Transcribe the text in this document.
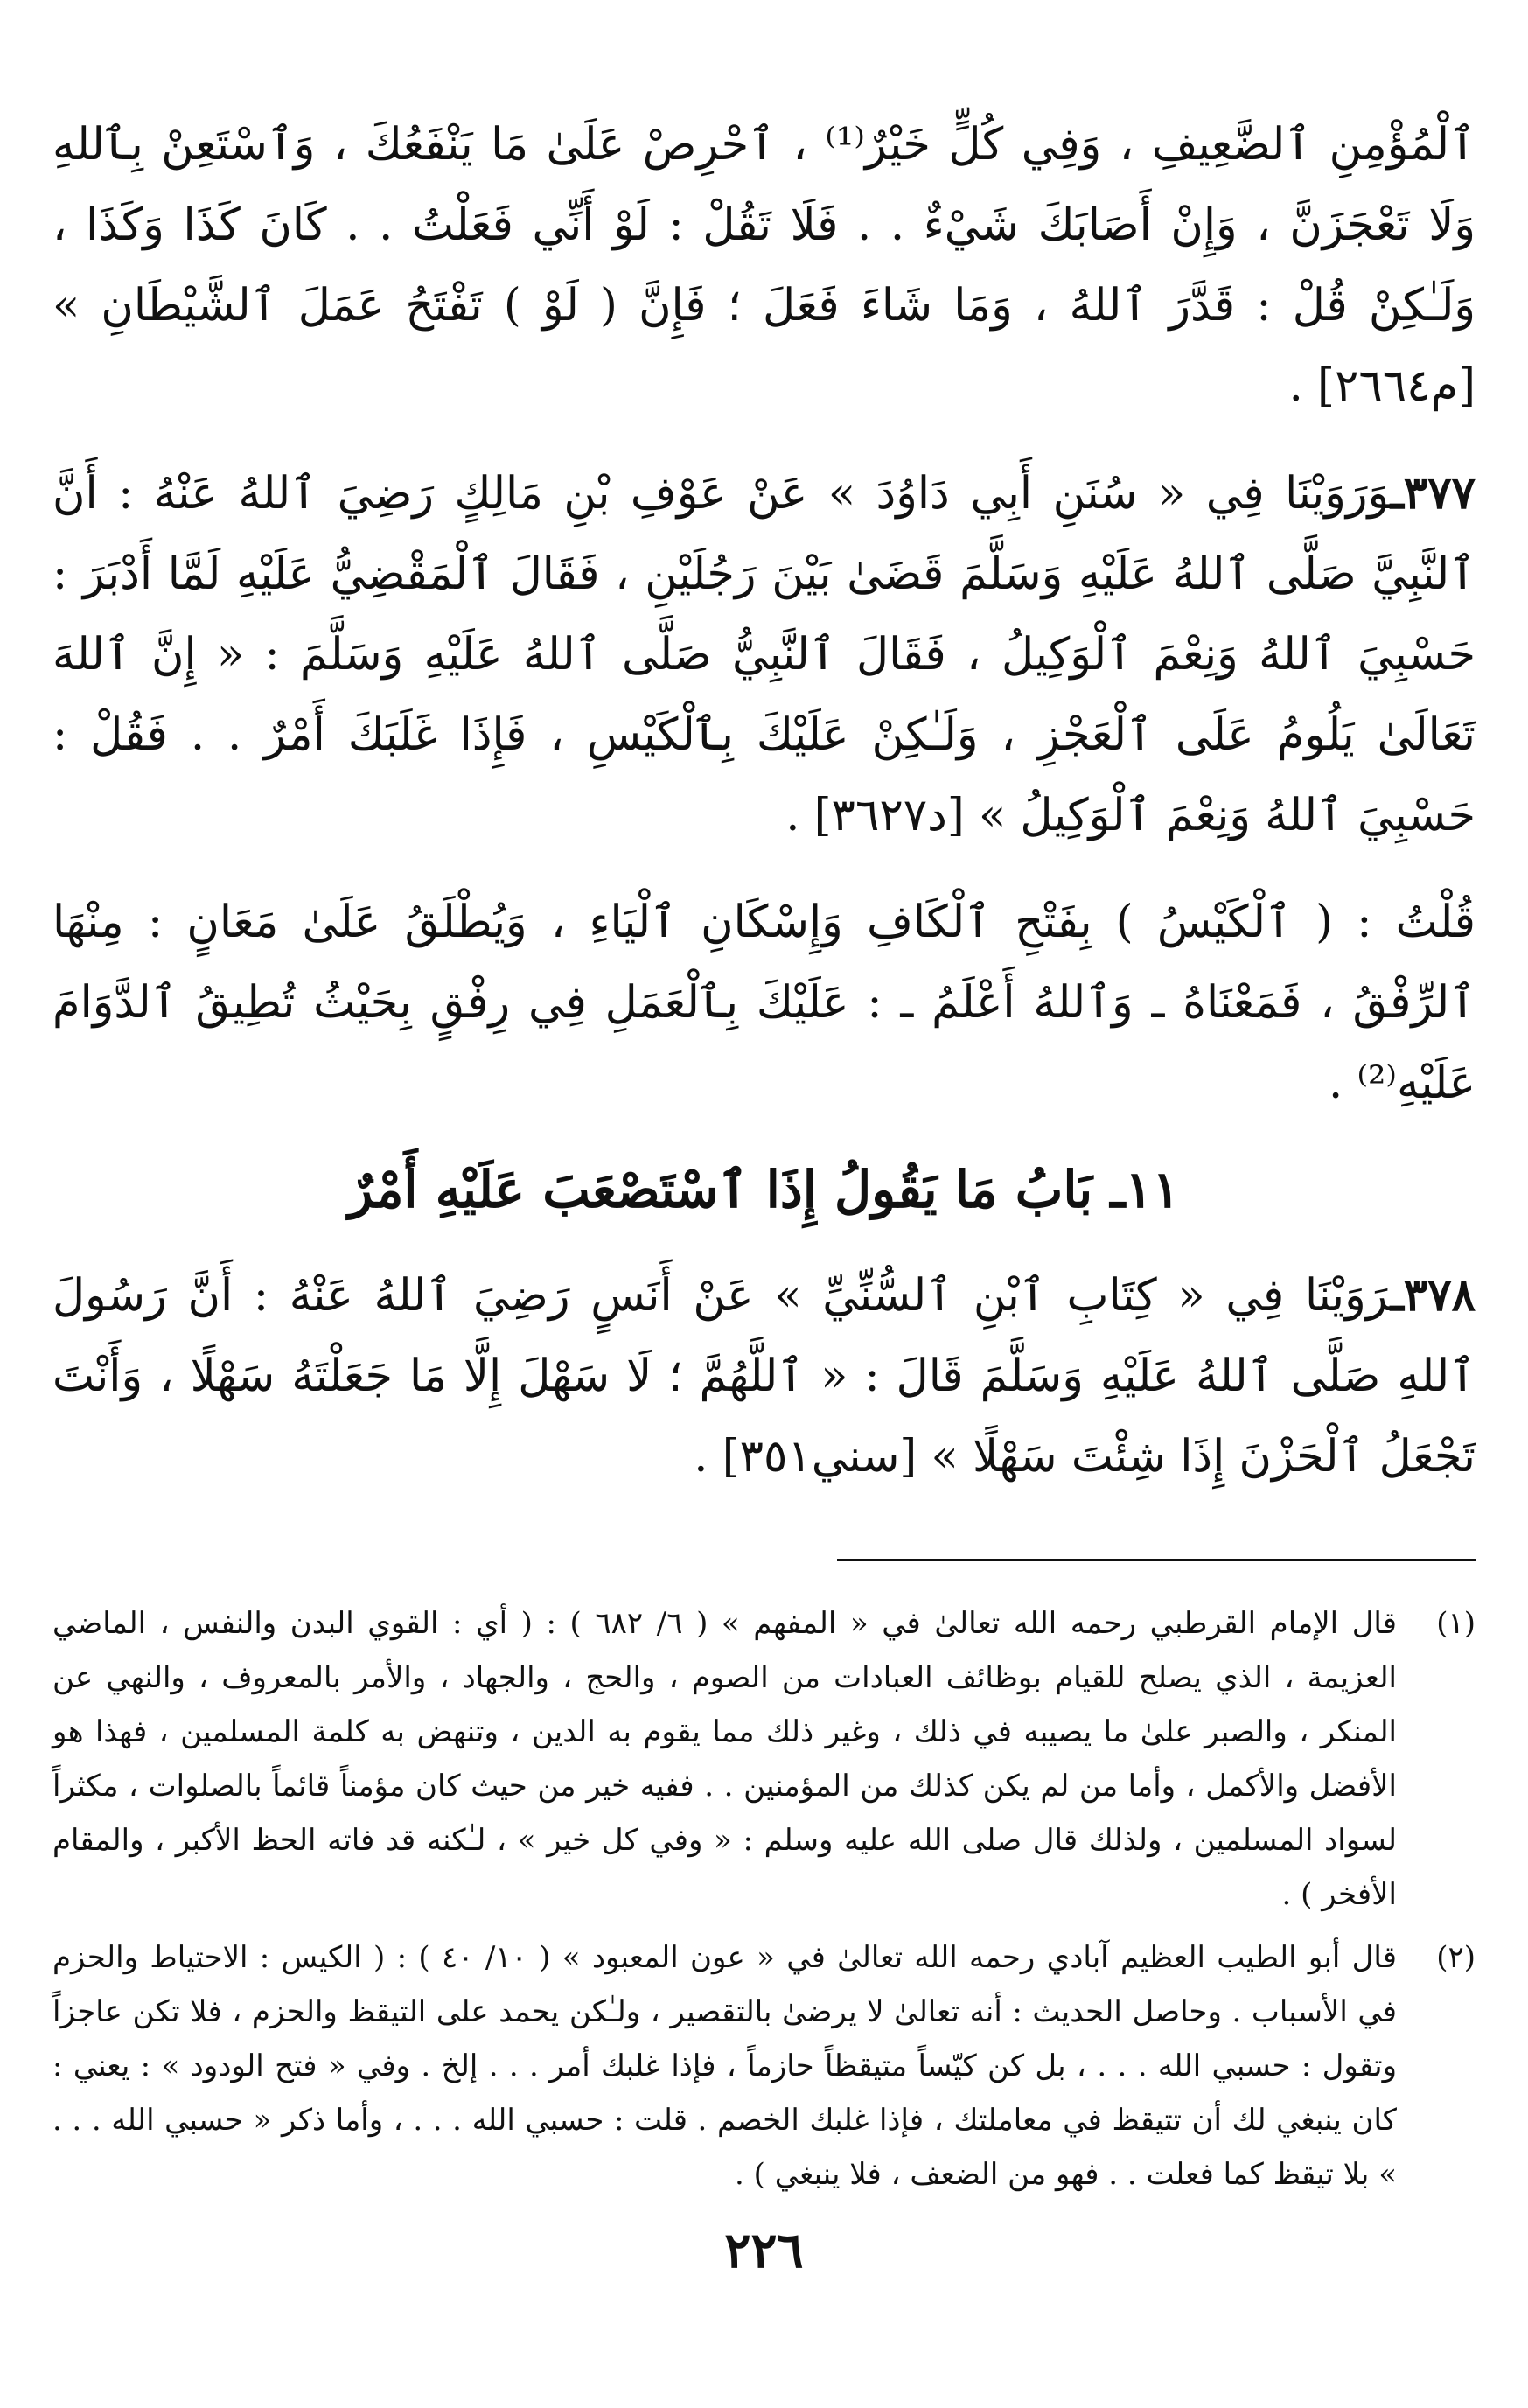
ٱلْمُؤْمِنِ ٱلضَّعِيفِ ، وَفِي كُلٍّ خَيْرٌ⁽¹⁾ ، ٱحْرِصْ عَلَىٰ مَا يَنْفَعُكَ ، وَٱسْتَعِنْ بِٱللهِ وَلَا تَعْجَزَنَّ ، وَإِنْ أَصَابَكَ شَيْءٌ . . فَلَا تَقُلْ : لَوْ أَنِّي فَعَلْتُ . . كَانَ كَذَا وَكَذَا ، وَلَـٰكِنْ قُلْ : قَدَّرَ ٱللهُ ، وَمَا شَاءَ فَعَلَ ؛ فَإِنَّ ( لَوْ ) تَفْتَحُ عَمَلَ ٱلشَّيْطَانِ » [م٢٦٦٤] .

٣٧٧ـوَرَوَيْنَا فِي « سُنَنِ أَبِي دَاوُدَ » عَنْ عَوْفِ بْنِ مَالِكٍ رَضِيَ ٱللهُ عَنْهُ : أَنَّ ٱلنَّبِيَّ صَلَّى ٱللهُ عَلَيْهِ وَسَلَّمَ قَضَىٰ بَيْنَ رَجُلَيْنِ ، فَقَالَ ٱلْمَقْضِيُّ عَلَيْهِ لَمَّا أَدْبَرَ : حَسْبِيَ ٱللهُ وَنِعْمَ ٱلْوَكِيلُ ، فَقَالَ ٱلنَّبِيُّ صَلَّى ٱللهُ عَلَيْهِ وَسَلَّمَ : « إِنَّ ٱللهَ تَعَالَىٰ يَلُومُ عَلَى ٱلْعَجْزِ ، وَلَـٰكِنْ عَلَيْكَ بِٱلْكَيْسِ ، فَإِذَا غَلَبَكَ أَمْرٌ . . فَقُلْ : حَسْبِيَ ٱللهُ وَنِعْمَ ٱلْوَكِيلُ » [د٣٦٢٧] .

قُلْتُ : ( ٱلْكَيْسُ ) بِفَتْحِ ٱلْكَافِ وَإِسْكَانِ ٱلْيَاءِ ، وَيُطْلَقُ عَلَىٰ مَعَانٍ : مِنْهَا ٱلرِّفْقُ ، فَمَعْنَاهُ ـ وَٱللهُ أَعْلَمُ ـ : عَلَيْكَ بِٱلْعَمَلِ فِي رِفْقٍ بِحَيْثُ تُطِيقُ ٱلدَّوَامَ عَلَيْهِ⁽²⁾ .

١١ـ بَابُ مَا يَقُولُ إِذَا ٱسْتَصْعَبَ عَلَيْهِ أَمْرٌ

٣٧٨ـرَوَيْنَا فِي « كِتَابِ ٱبْنِ ٱلسُّنِّيِّ » عَنْ أَنَسٍ رَضِيَ ٱللهُ عَنْهُ : أَنَّ رَسُولَ ٱللهِ صَلَّى ٱللهُ عَلَيْهِ وَسَلَّمَ قَالَ : « ٱللَّهُمَّ ؛ لَا سَهْلَ إِلَّا مَا جَعَلْتَهُ سَهْلًا ، وَأَنْتَ تَجْعَلُ ٱلْحَزْنَ إِذَا شِئْتَ سَهْلًا » [سني٣٥١] .

(١)
قال الإمام القرطبي رحمه الله تعالىٰ في « المفهم » ( ٦/ ٦٨٢ ) : ( أي : القوي البدن والنفس ، الماضي العزيمة ، الذي يصلح للقيام بوظائف العبادات من الصوم ، والحج ، والجهاد ، والأمر بالمعروف ، والنهي عن المنكر ، والصبر علىٰ ما يصيبه في ذلك ، وغير ذلك مما يقوم به الدين ، وتنهض به كلمة المسلمين ، فهذا هو الأفضل والأكمل ، وأما من لم يكن كذلك من المؤمنين . . ففيه خير من حيث كان مؤمناً قائماً بالصلوات ، مكثراً لسواد المسلمين ، ولذلك قال صلى الله عليه وسلم : « وفي كل خير » ، لـٰكنه قد فاته الحظ الأكبر ، والمقام الأفخر ) .
(٢)
قال أبو الطيب العظيم آبادي رحمه الله تعالىٰ في « عون المعبود » ( ١٠/ ٤٠ ) : ( الكيس : الاحتياط والحزم في الأسباب . وحاصل الحديث : أنه تعالىٰ لا يرضىٰ بالتقصير ، ولـٰكن يحمد على التيقظ والحزم ، فلا تكن عاجزاً وتقول : حسبي الله . . . ، بل كن كيّساً متيقظاً حازماً ، فإذا غلبك أمر . . . إلخ . وفي « فتح الودود » : يعني : كان ينبغي لك أن تتيقظ في معاملتك ، فإذا غلبك الخصم . قلت : حسبي الله . . . ، وأما ذكر « حسبي الله . . . » بلا تيقظ كما فعلت . . فهو من الضعف ، فلا ينبغي ) .
٢٢٦
